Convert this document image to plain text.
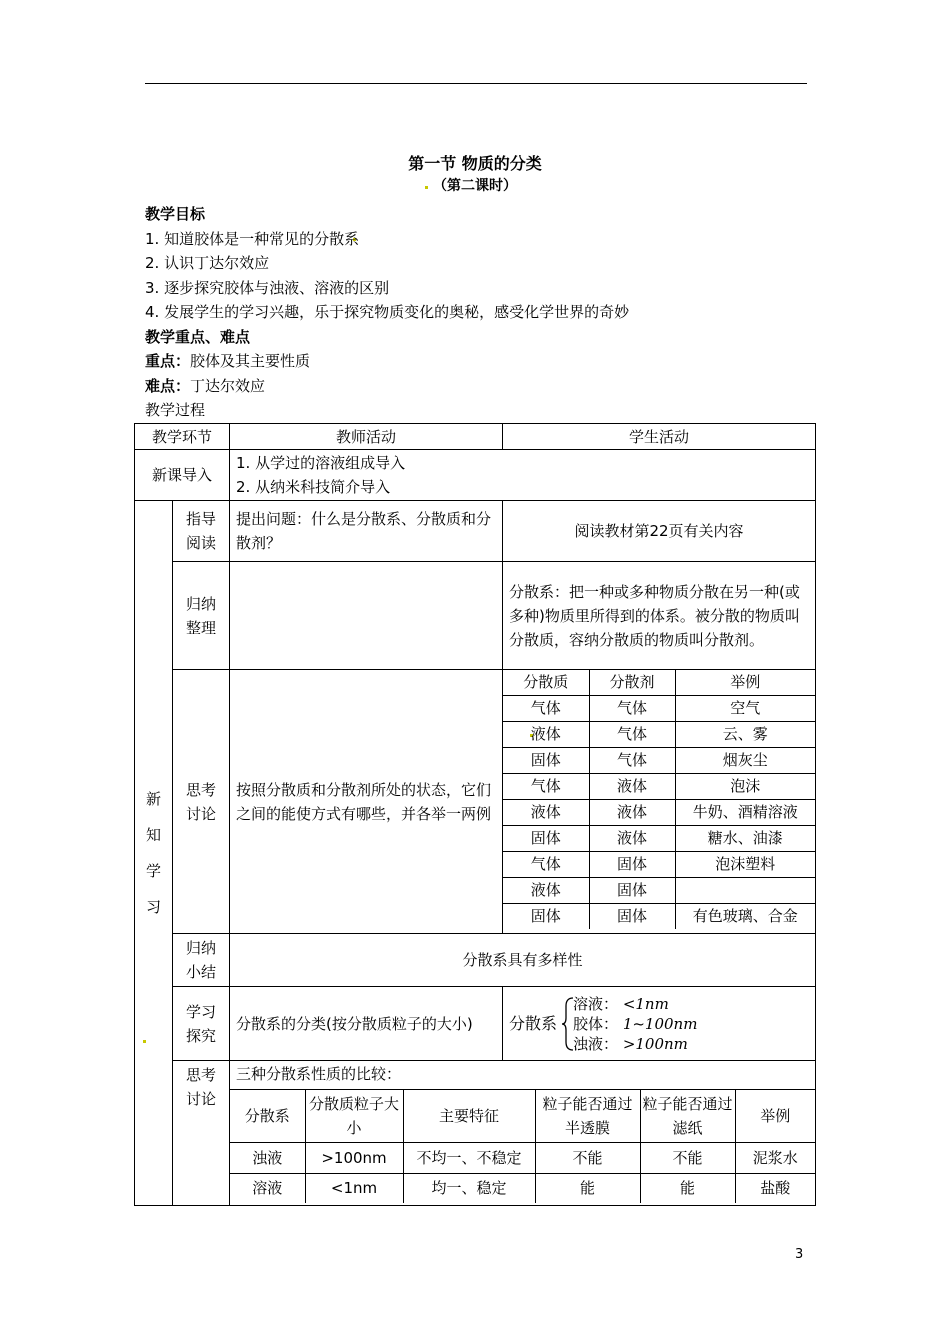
第一节 物质的分类
（第二课时）
教学目标
1. 知道胶体是一种常见的分散系
2. 认识丁达尔效应
3. 逐步探究胶体与浊液、溶液的区别
4. 发展学生的学习兴趣，乐于探究物质变化的奥秘，感受化学世界的奇妙
教学重点、难点
重点：胶体及其主要性质
难点：丁达尔效应
教学过程
教学环节	教师活动	学生活动
新课导入	
1. 从学过的溶液组成导入
2. 从纳米科技简介导入

新
知
学
习
	指导阅读	提出问题：什么是分散系、分散质和分散剂？	阅读教材第22页有关内容
归纳整理		分散系：把一种或多种物质分散在另一种(或多种)物质里所得到的体系。被分散的物质叫分散质，容纳分散质的物质叫分散剂。
思考讨论	按照分散质和分散剂所处的状态，它们之间的能使方式有哪些，并各举一两例	
分散质	分散剂	举例
气体	气体	空气
液体	气体	云、雾
固体	气体	烟灰尘
气体	液体	泡沫
液体	液体	牛奶、酒精溶液
固体	液体	糖水、油漆
气体	固体	泡沫塑料
液体	固体	
固体	固体	有色玻璃、合金

归纳小结	分散系具有多样性
学习探究	分散系的分类(按分散质粒子的大小)	分散系
溶液： <1nm
胶体： 1~100nm
浊液： >100nm

思考讨论	
三种分散系性质的比较：
分散系	分散质粒子大小	主要特征	粒子能否通过半透膜	粒子能否通过滤纸	举例
浊液	>100nm	不均一、不稳定	不能	不能	泥浆水
溶液	<1nm	均一、稳定	能	能	盐酸
3
